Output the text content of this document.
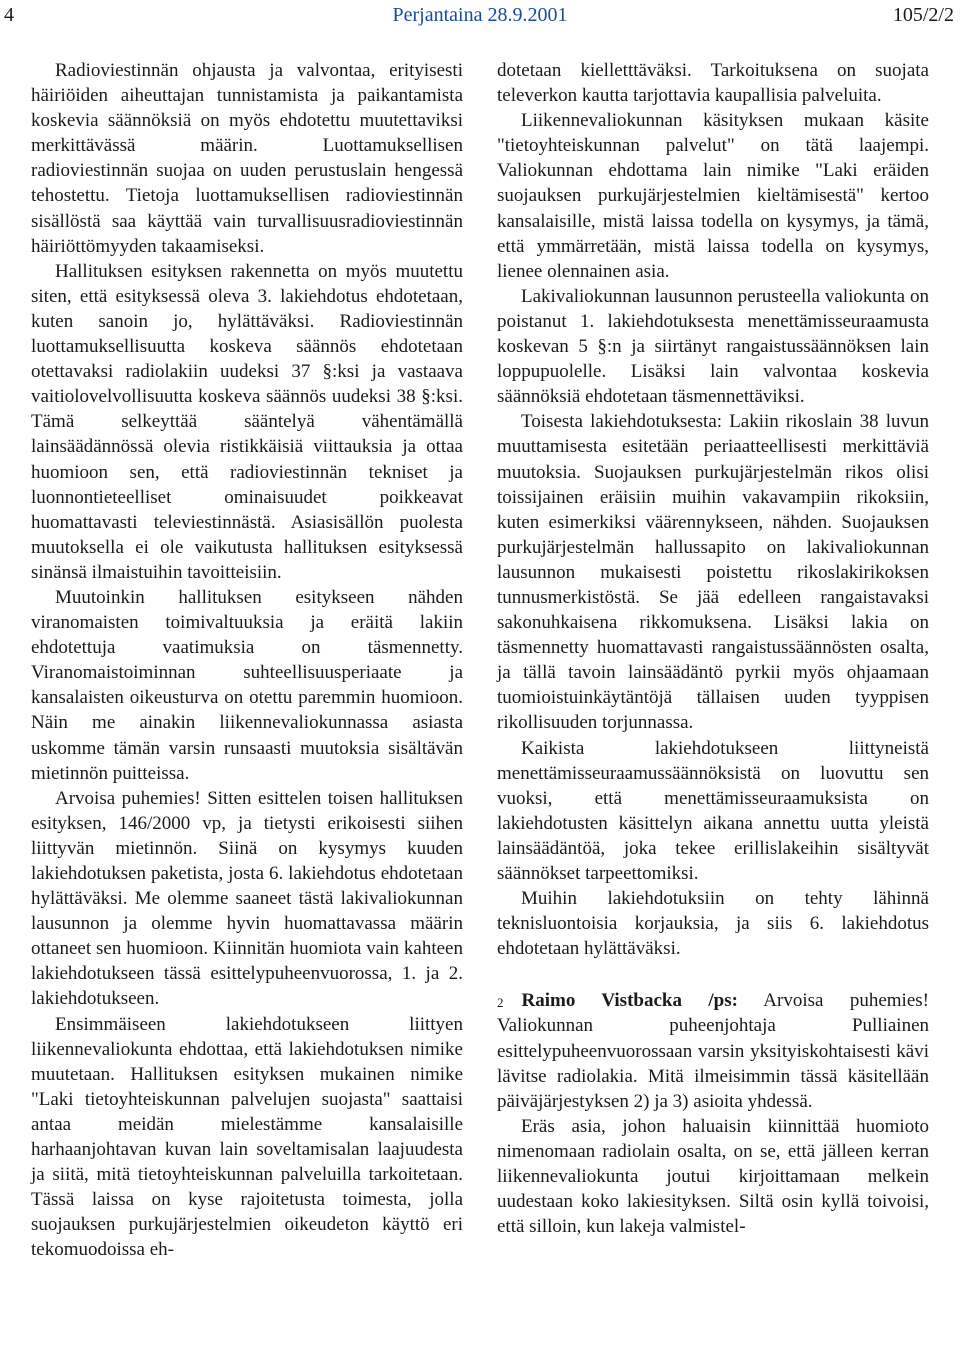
4	Perjantaina 28.9.2001	105/2/2

Radioviestinnän ohjausta ja valvontaa, erityisesti häiriöiden aiheuttajan tunnistamista ja paikantamista koskevia säännöksiä on myös ehdotettu muutettaviksi merkittävässä määrin. Luottamuksellisen radioviestinnän suojaa on uuden perustuslain hengessä tehostettu. Tietoja luottamuksellisen radioviestinnän sisällöstä saa käyttää vain turvallisuusradioviestinnän häiriöttömyyden takaamiseksi.

Hallituksen esityksen rakennetta on myös muutettu siten, että esityksessä oleva 3. lakiehdotus ehdotetaan, kuten sanoin jo, hylättäväksi. Radioviestinnän luottamuksellisuutta koskeva säännös ehdotetaan otettavaksi radiolakiin uudeksi 37 §:ksi ja vastaava vaitiolovelvollisuutta koskeva säännös uudeksi 38 §:ksi. Tämä selkeyttää sääntelyä vähentämällä lainsäädännössä olevia ristikkäisiä viittauksia ja ottaa huomioon sen, että radioviestinnän tekniset ja luonnontieteelliset ominaisuudet poikkeavat huomattavasti televiestinnästä. Asiasisällön puolesta muutoksella ei ole vaikutusta hallituksen esityksessä sinänsä ilmaistuihin tavoitteisiin.

Muutoinkin hallituksen esitykseen nähden viranomaisten toimivaltuuksia ja eräitä lakiin ehdotettuja vaatimuksia on täsmennetty. Viranomaistoiminnan suhteellisuusperiaate ja kansalaisten oikeusturva on otettu paremmin huomioon. Näin me ainakin liikennevaliokunnassa asiasta uskomme tämän varsin runsaasti muutoksia sisältävän mietinnön puitteissa.

Arvoisa puhemies! Sitten esittelen toisen hallituksen esityksen, 146/2000 vp, ja tietysti erikoisesti siihen liittyvän mietinnön. Siinä on kysymys kuuden lakiehdotuksen paketista, josta 6. lakiehdotus ehdotetaan hylättäväksi. Me olemme saaneet tästä lakivaliokunnan lausunnon ja olemme hyvin huomattavassa määrin ottaneet sen huomioon. Kiinnitän huomiota vain kahteen lakiehdotukseen tässä esittelypuheenvuorossa, 1. ja 2. lakiehdotukseen.

Ensimmäiseen lakiehdotukseen liittyen liikennevaliokunta ehdottaa, että lakiehdotuksen nimike muutetaan. Hallituksen esityksen mukainen nimike "Laki tietoyhteiskunnan palvelujen suojasta" saattaisi antaa meidän mielestämme kansalaisille harhaanjohtavan kuvan lain soveltamisalan laajuudesta ja siitä, mitä tietoyhteiskunnan palveluilla tarkoitetaan. Tässä laissa on kyse rajoitetusta toimesta, jolla suojauksen purkujärjestelmien oikeudeton käyttö eri tekomuodoissa eh-

dotetaan kielletttäväksi. Tarkoituksena on suojata televerkon kautta tarjottavia kaupallisia palveluita.

Liikennevaliokunnan käsityksen mukaan käsite "tietoyhteiskunnan palvelut" on tätä laajempi. Valiokunnan ehdottama lain nimike "Laki eräiden suojauksen purkujärjestelmien kieltämisestä" kertoo kansalaisille, mistä laissa todella on kysymys, ja tämä, että ymmärretään, mistä laissa todella on kysymys, lienee olennainen asia.

Lakivaliokunnan lausunnon perusteella valiokunta on poistanut 1. lakiehdotuksesta menettämisseuraamusta koskevan 5 §:n ja siirtänyt rangaistussäännöksen lain loppupuolelle. Lisäksi lain valvontaa koskevia säännöksiä ehdotetaan täsmennettäviksi.

Toisesta lakiehdotuksesta: Lakiin rikoslain 38 luvun muuttamisesta esitetään periaatteellisesti merkittäviä muutoksia. Suojauksen purkujärjestelmän rikos olisi toissijainen eräisiin muihin vakavampiin rikoksiin, kuten esimerkiksi väärennykseen, nähden. Suojauksen purkujärjestelmän hallussapito on lakivaliokunnan lausunnon mukaisesti poistettu rikoslakirikoksen tunnusmerkistöstä. Se jää edelleen rangaistavaksi sakonuhkaisena rikkomuksena. Lisäksi lakia on täsmennetty huomattavasti rangaistussäännösten osalta, ja tällä tavoin lainsäädäntö pyrkii myös ohjaamaan tuomioistuinkäytäntöjä tällaisen uuden tyyppisen rikollisuuden torjunnassa.

Kaikista lakiehdotukseen liittyneistä menettämisseuraamussäännöksistä on luovuttu sen vuoksi, että menettämisseuraamuksista on lakiehdotusten käsittelyn aikana annettu uutta yleistä lainsäädäntöä, joka tekee erillislakeihin sisältyvät säännökset tarpeettomiksi.

Muihin lakiehdotuksiin on tehty lähinnä teknisluontoisia korjauksia, ja siis 6. lakiehdotus ehdotetaan hylättäväksi.

$^2$ Raimo Vistbacka /ps: Arvoisa puhemies! Valiokunnan puheenjohtaja Pulliainen esittelypuheenvuorossaan varsin yksityiskohtaisesti kävi lävitse radiolakia. Mitä ilmeisimmin tässä käsitellään päiväjärjestyksen 2) ja 3) asioita yhdessä.

Eräs asia, johon haluaisin kiinnittää huomioto nimenomaan radiolain osalta, on se, että jälleen kerran liikennevaliokunta joutui kirjoittamaan melkein uudestaan koko lakiesityksen. Siltä osin kyllä toivoisi, että silloin, kun lakeja valmistel-
